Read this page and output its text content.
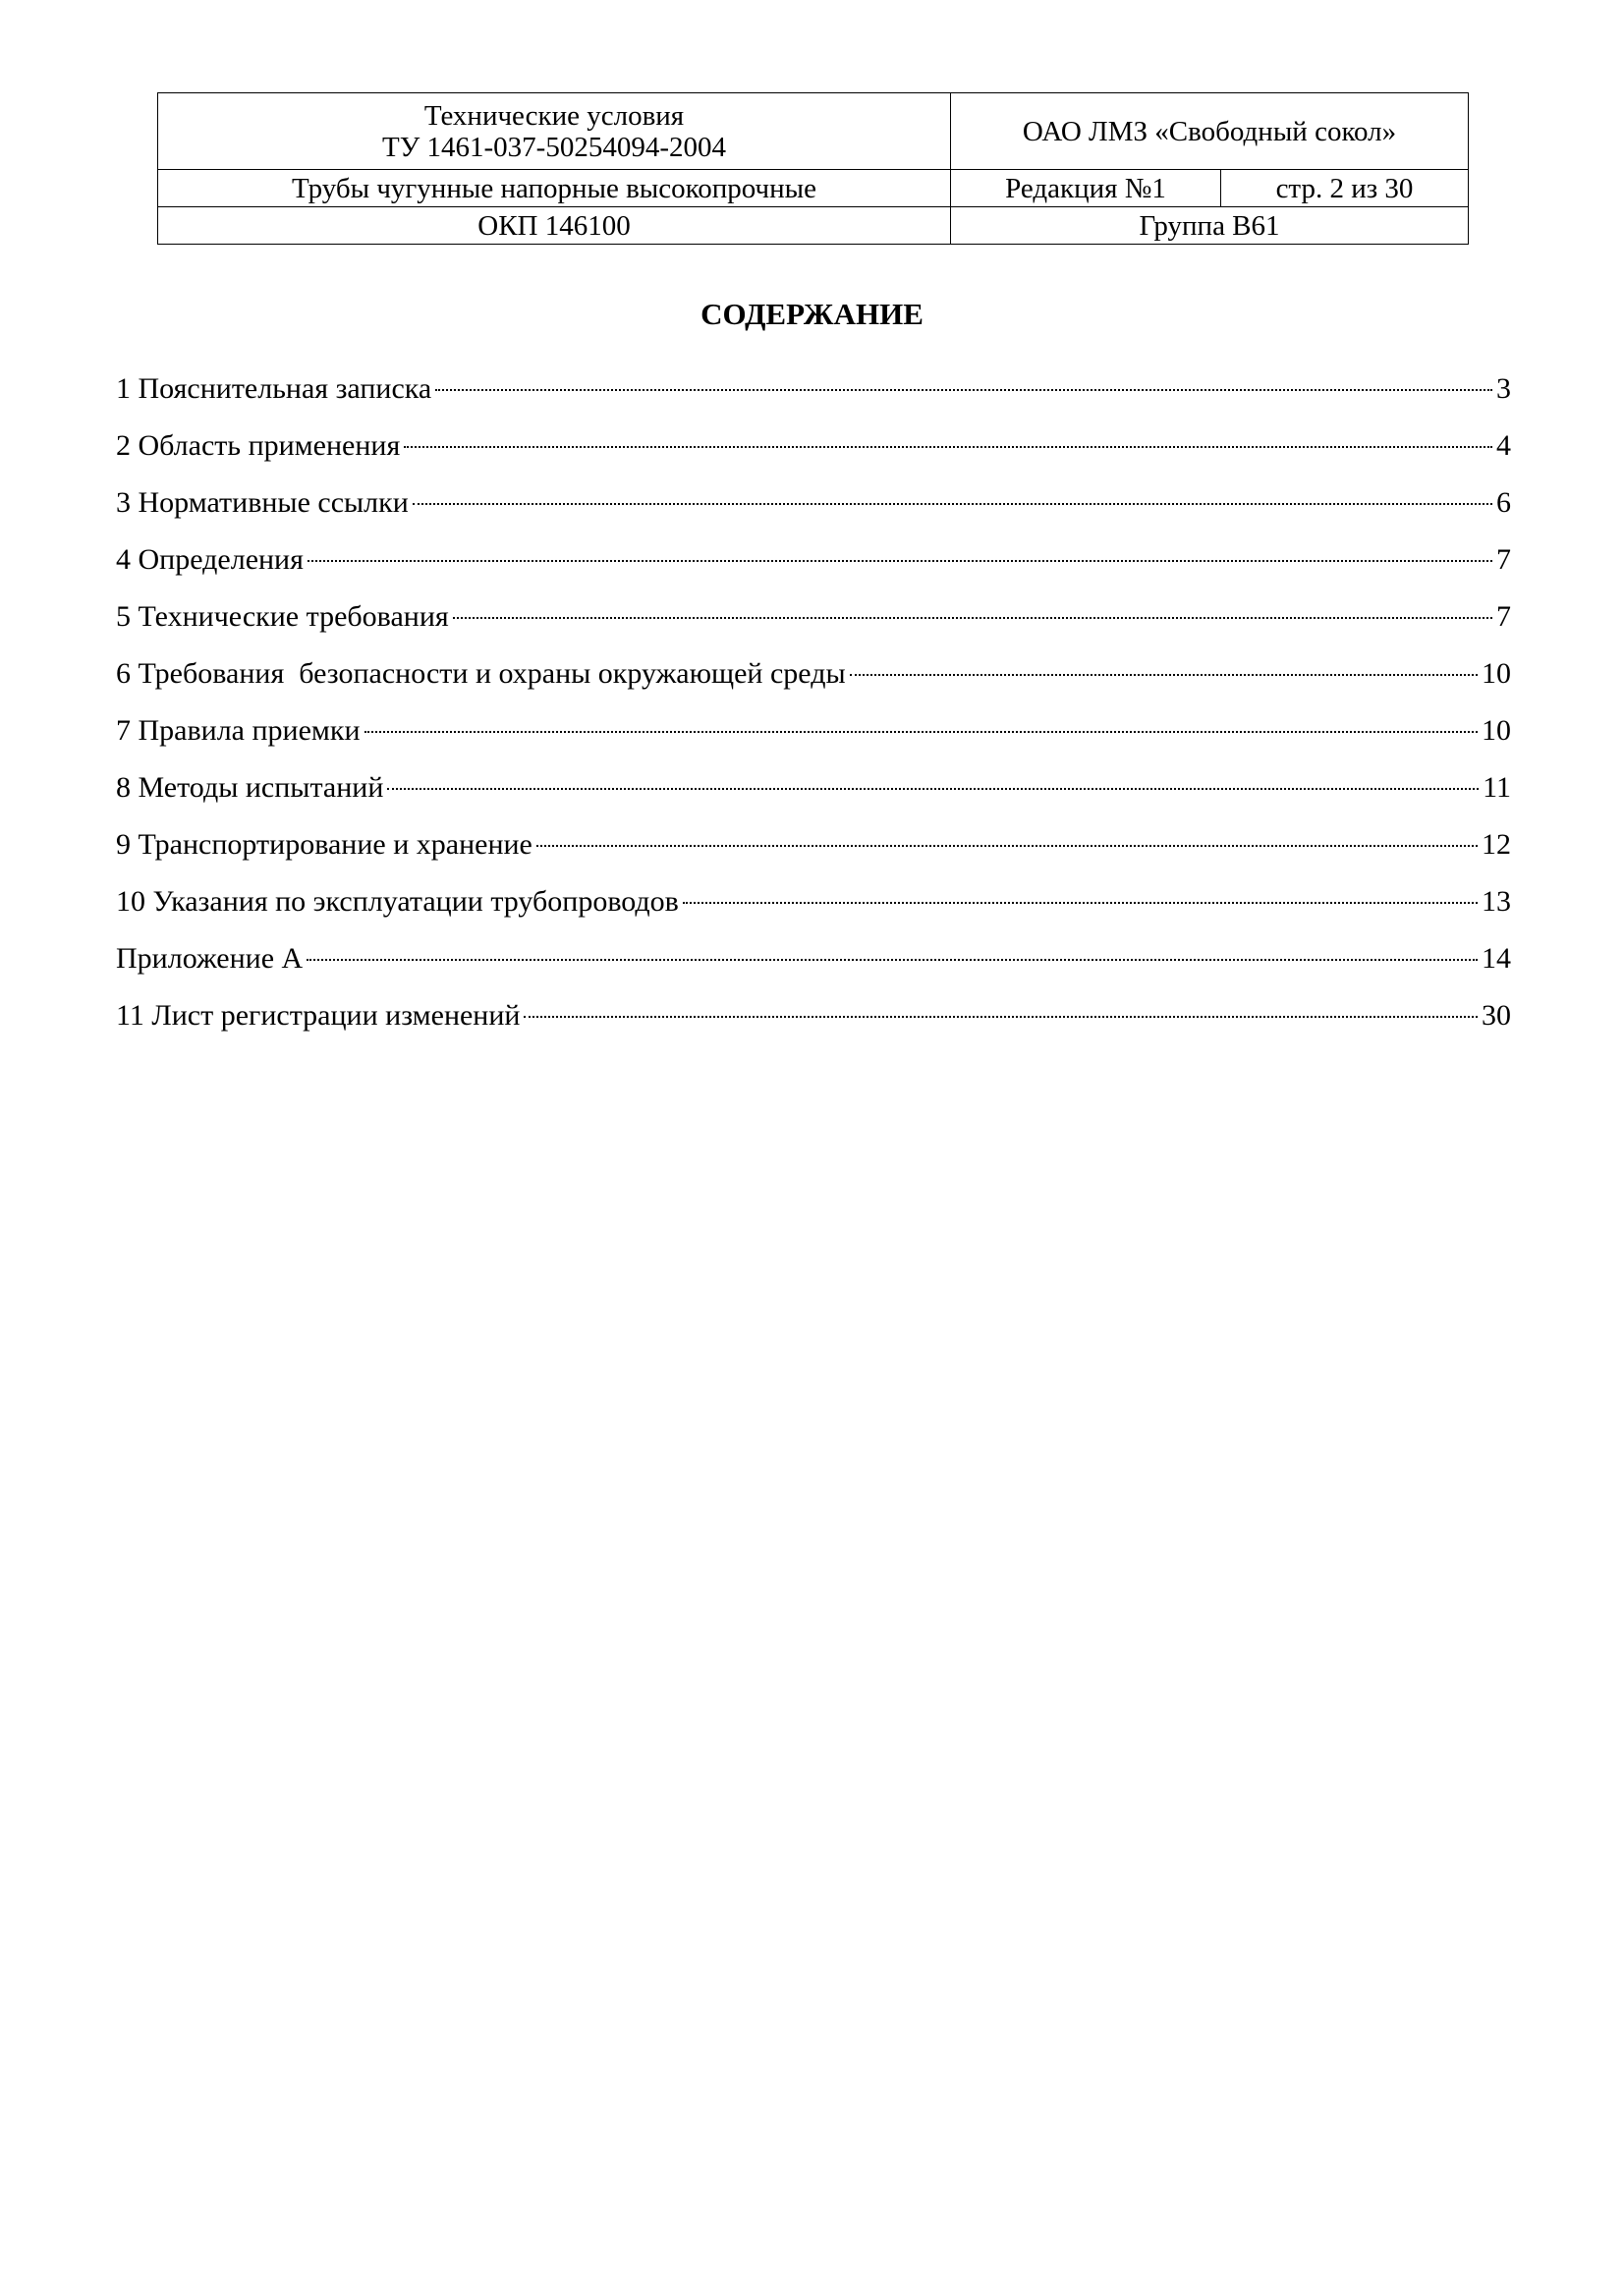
Технические условия
ТУ 1461-037-50254094-2004	ОАО ЛМЗ «Свободный сокол»	
Трубы чугунные напорные высокопрочные	Редакция №1	стр. 2 из 30
ОКП 146100	Группа В61	
СОДЕРЖАНИЕ
1 Пояснительная записка	3
2 Область применения	4
3 Нормативные ссылки	6
4 Определения	7
5 Технические требования	7
6 Требования  безопасности и охраны окружающей среды	10
7 Правила приемки	10
8 Методы испытаний	11
9 Транспортирование и хранение	12
10 Указания по эксплуатации трубопроводов	13
Приложение А	14
11 Лист регистрации изменений	30
